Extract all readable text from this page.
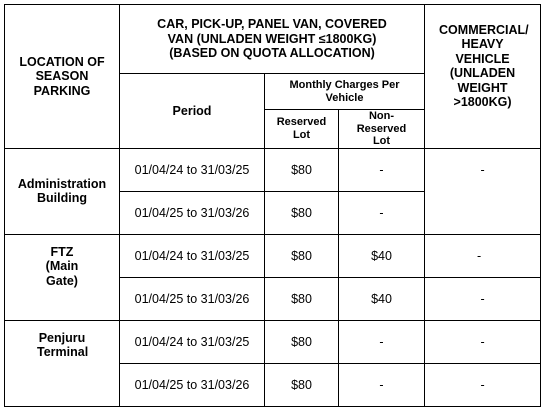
LOCATION OF SEASON PARKING	CAR, PICK-UP, PANEL VAN, COVERED VAN (UNLADEN WEIGHT ≤1800KG) (BASED ON QUOTA ALLOCATION)			COMMERCIAL/ HEAVY VEHICLE (UNLADEN WEIGHT >1800KG)

	Period	Monthly Charges Per Vehicle		

		Reserved Lot	Non-Reserved Lot	

Administration Building	01/04/24 to 31/03/25	$80	-	-
	01/04/25 to 31/03/26	$80	-	

FTZ (Main Gate)	01/04/24 to 31/03/25	$80	$40	-
	01/04/25 to 31/03/26	$80	$40	-

Penjuru Terminal	01/04/24 to 31/03/25	$80	-	-
	01/04/25 to 31/03/26	$80	-	-
